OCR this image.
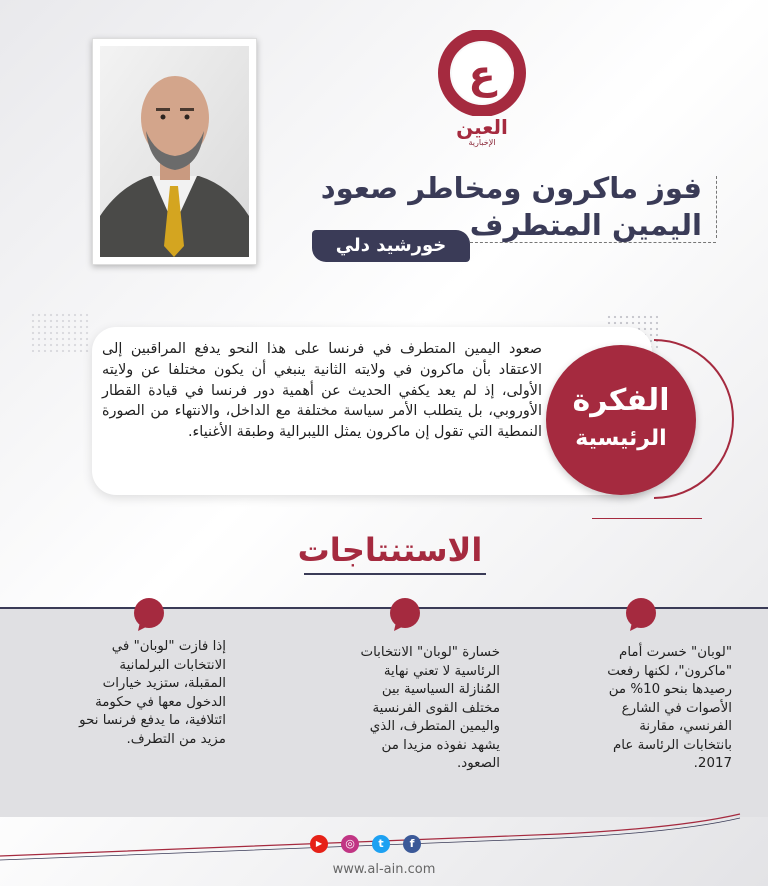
ع
العين
الإخبارية
فوز ماكرون ومخاطر صعود اليمين المتطرف
خورشيد دلي
صعود اليمين المتطرف في فرنسا على هذا النحو يدفع المراقبين إلى الاعتقاد بأن ماكرون في ولايته الثانية ينبغي أن يكون مختلفا عن ولايته الأولى، إذ لم يعد يكفي الحديث عن أهمية دور فرنسا في قيادة القطار الأوروبي، بل يتطلب الأمر سياسة مختلفة مع الداخل، والانتهاء من الصورة النمطية التي تقول إن ماكرون يمثل الليبرالية وطبقة الأغنياء.
الفكرة
الرئيسية
الاستنتاجات
"لوبان" خسرت أمام "ماكرون"، لكنها رفعت رصيدها بنحو 10% من الأصوات في الشارع الفرنسي، مقارنة بانتخابات الرئاسة عام 2017.
خسارة "لوبان" الانتخابات الرئاسية لا تعني نهاية المُنازلة السياسية بين مختلف القوى الفرنسية واليمين المتطرف، الذي يشهد نفوذه مزيدا من الصعود.
إذا فازت "لوبان" في الانتخابات البرلمانية المقبلة، ستزيد خيارات الدخول معها في حكومة ائتلافية، ما يدفع فرنسا نحو مزيد من التطرف.
f
t
◎
▶
www.al-ain.com
